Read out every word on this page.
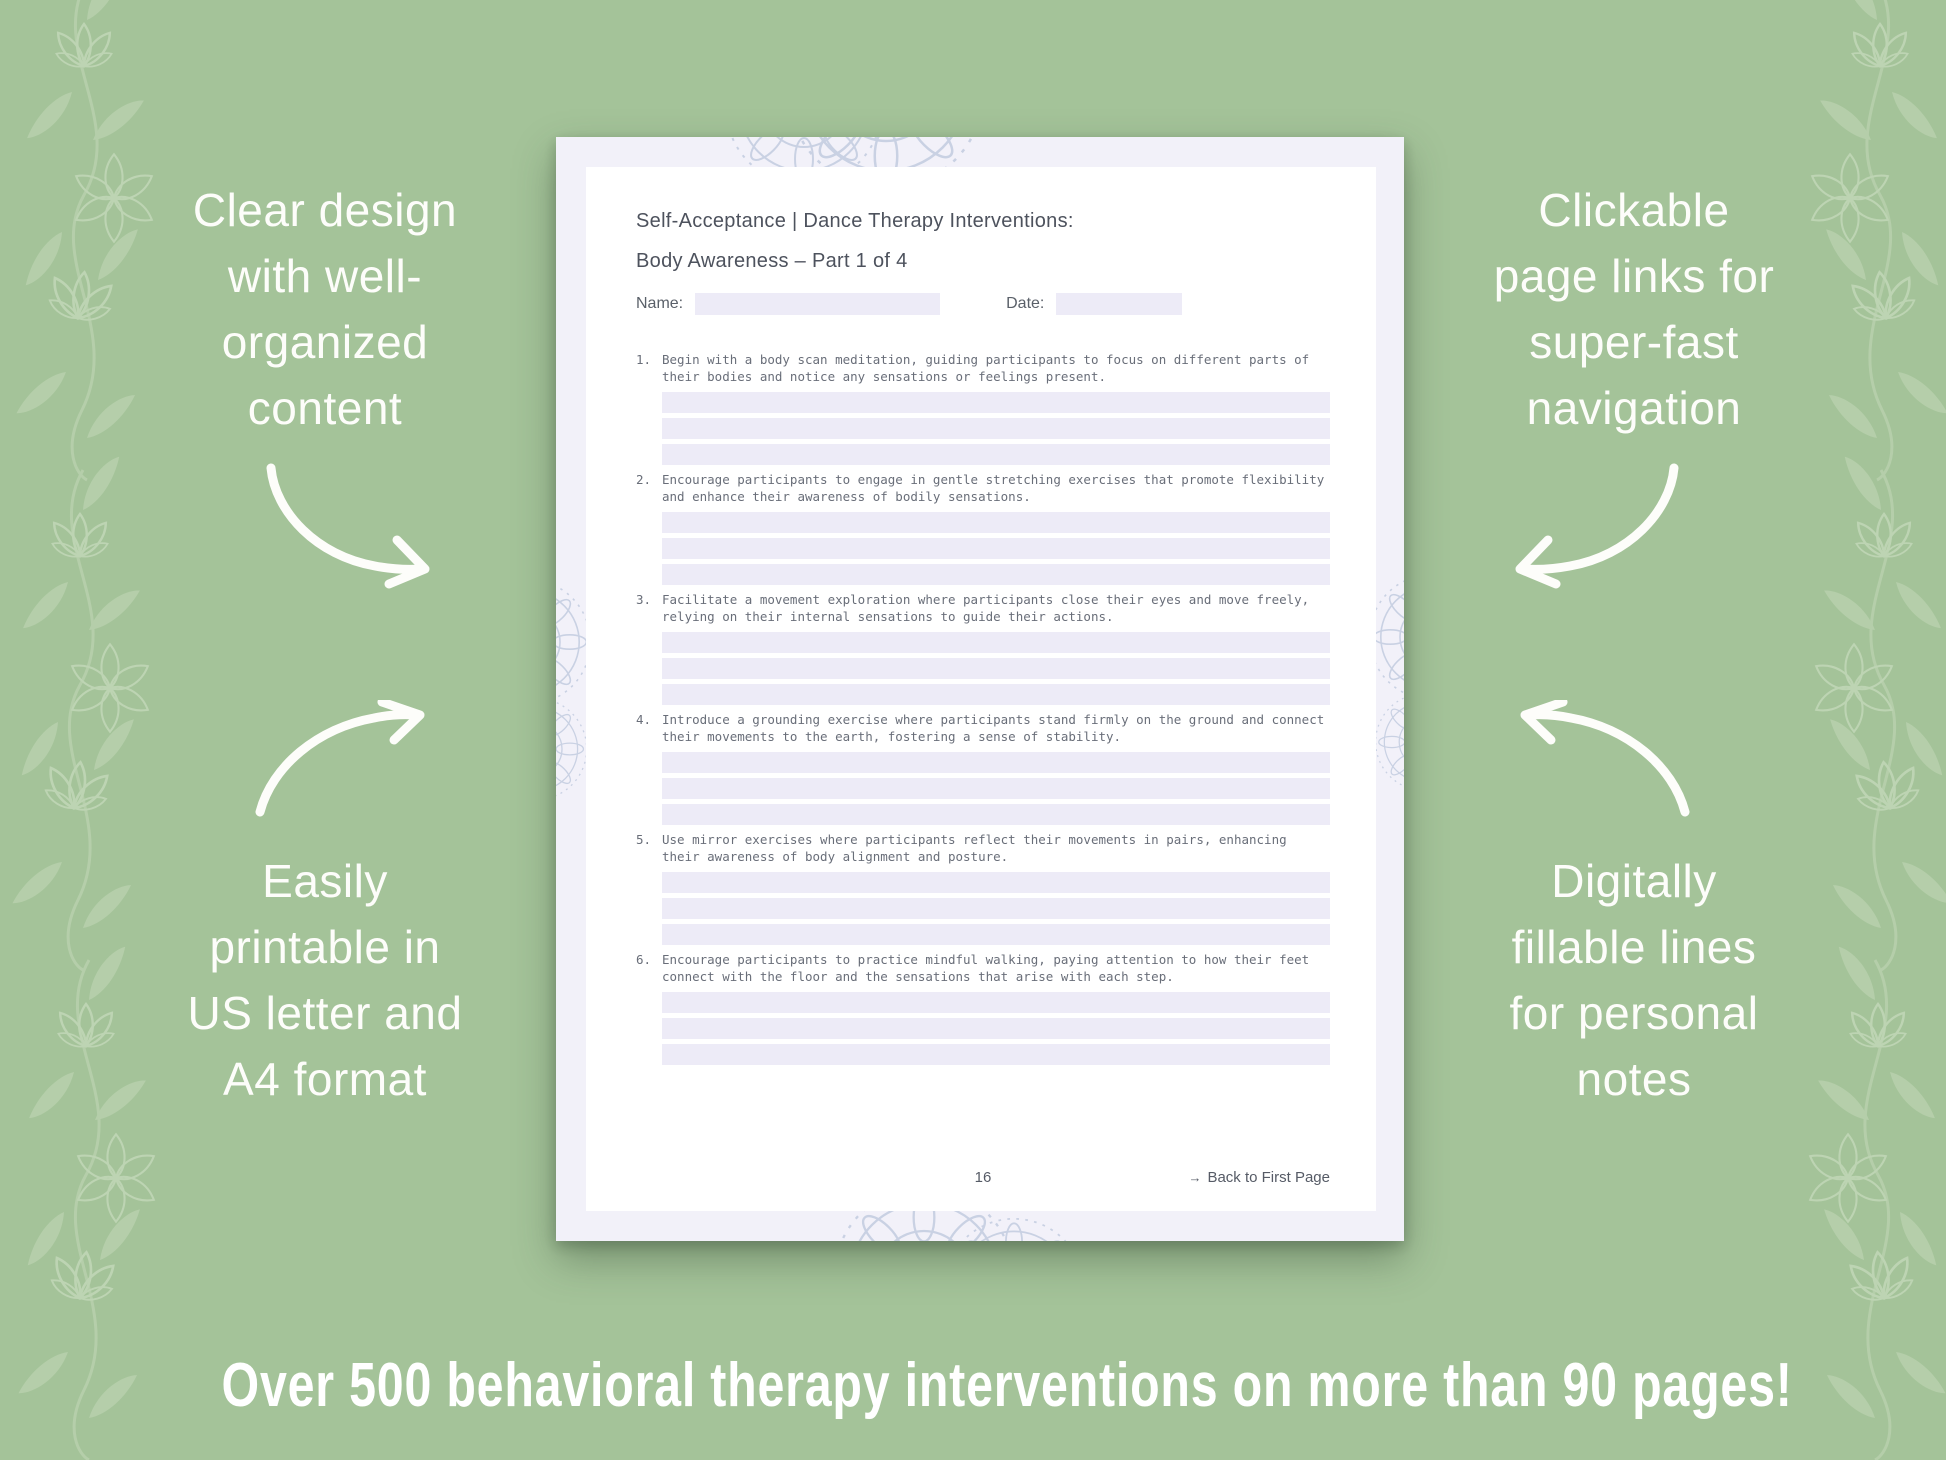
Clear design
with well-
organized
content
Clickable
page links for
super-fast
navigation
Easily
printable in
US letter and
A4 format
Digitally
fillable lines
for personal
notes
Self-Acceptance | Dance Therapy Interventions:
Body Awareness – Part 1 of 4
Name:	Date:
1. Begin with a body scan meditation, guiding participants to focus on different parts of their bodies and notice any sensations or feelings present.
2. Encourage participants to engage in gentle stretching exercises that promote flexibility and enhance their awareness of bodily sensations.
3. Facilitate a movement exploration where participants close their eyes and move freely, relying on their internal sensations to guide their actions.
4. Introduce a grounding exercise where participants stand firmly on the ground and connect their movements to the earth, fostering a sense of stability.
5. Use mirror exercises where participants reflect their movements in pairs, enhancing their awareness of body alignment and posture.
6. Encourage participants to practice mindful walking, paying attention to how their feet connect with the floor and the sensations that arise with each step.
16	→ Back to First Page
Over 500 behavioral therapy interventions on more than 90 pages!
